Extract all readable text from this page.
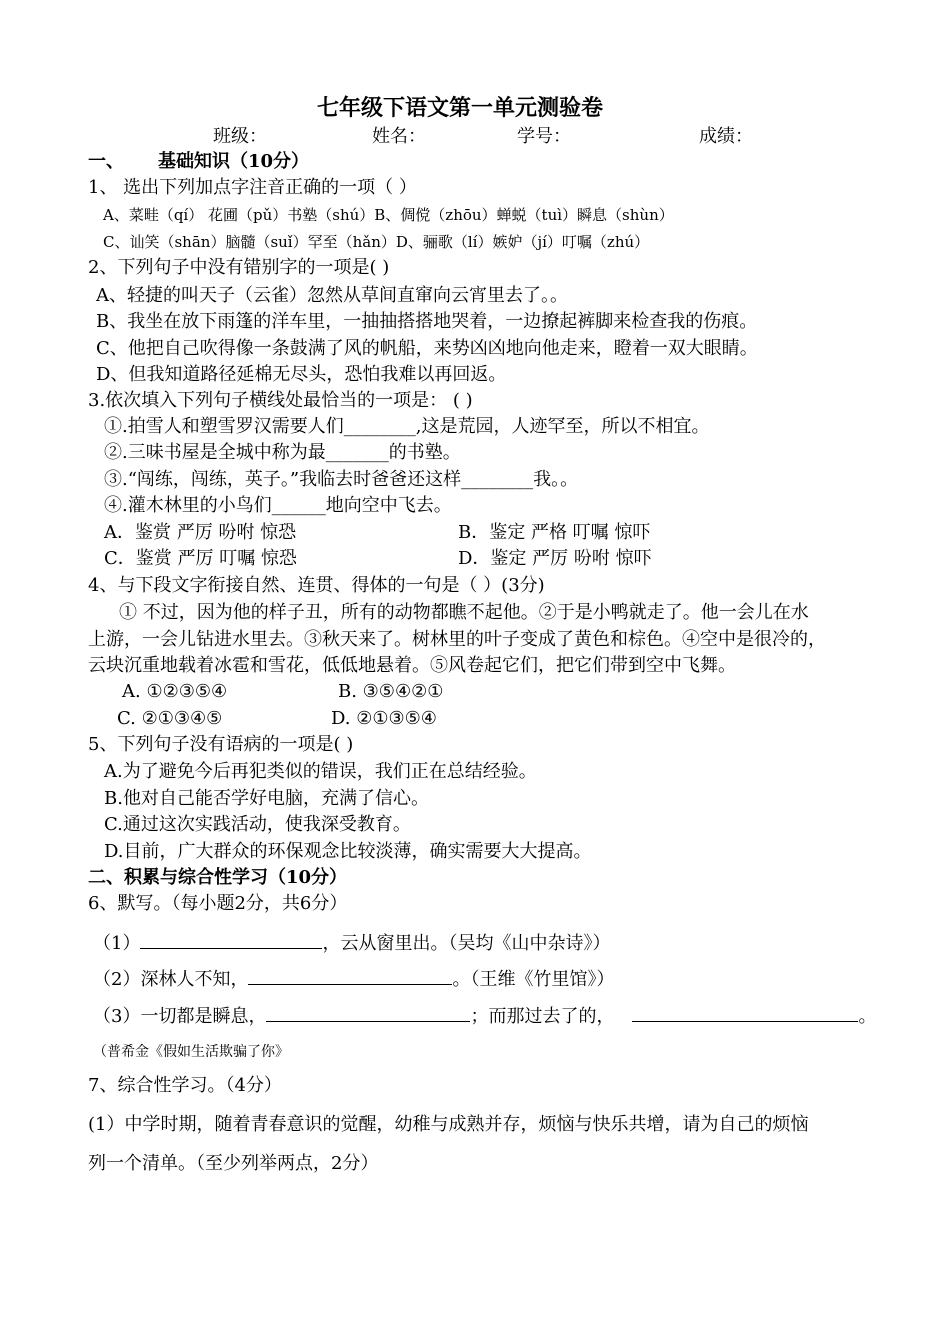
七年级下语文第一单元测验卷
班级：	姓名：	学号：	成绩：
一、 基础知识（10分）
1、 选出下列加点字注音正确的一项（ ）
A、菜畦（qí） 花圃（pǔ）书塾（shú）B、倜傥（zhōu）蝉蜕（tuì）瞬息（shùn）
C、讪笑（shān）脑髓（suǐ）罕至（hǎn）D、骊歌（lí）嫉妒（jí）叮嘱（zhú）
2、下列句子中没有错别字的一项是( )
A、轻捷的叫天子（云雀）忽然从草间直窜向云宵里去了。。
B、我坐在放下雨篷的洋车里，一抽抽搭搭地哭着，一边撩起裤脚来检查我的伤痕。
C、他把自己吹得像一条鼓满了风的帆船，来势凶凶地向他走来，瞪着一双大眼睛。
D、但我知道路径延棉无尽头，恐怕我难以再回返。
3.依次填入下列句子横线处最恰当的一项是： ( )
①.拍雪人和塑雪罗汉需要人们________,这是荒园，人迹罕至，所以不相宜。
②.三味书屋是全城中称为最_______的书塾。
③.“闯练，闯练，英子。”我临去时爸爸还这样________我。。
④.灌木林里的小鸟们______地向空中飞去。
A．鉴赏 严厉 吩咐 惊恐	B．鉴定 严格 叮嘱 惊吓
C．鉴赏 严厉 叮嘱 惊恐	D．鉴定 严厉 吩咐 惊吓
4、与下段文字衔接自然、连贯、得体的一句是（ ）(3分)
① 不过，因为他的样子丑，所有的动物都瞧不起他。②于是小鸭就走了。他一会儿在水
上游，一会儿钻进水里去。③秋天来了。树林里的叶子变成了黄色和棕色。④空中是很冷的，
云块沉重地载着冰雹和雪花，低低地悬着。⑤风卷起它们，把它们带到空中飞舞。
A. ①②③⑤④	B. ③⑤④②①
C. ②①③④⑤	D. ②①③⑤④
5、下列句子没有语病的一项是( )
A.为了避免今后再犯类似的错误，我们正在总结经验。
B.他对自己能否学好电脑，充满了信心。
C.通过这次实践活动，使我深受教育。
D.目前，广大群众的环保观念比较淡薄，确实需要大大提高。
二、积累与综合性学习（10分）
6、默写。（每小题2分，共6分）
（1）	，云从窗里出。（吴均《山中杂诗》）
（2）深林人不知，	。（王维《竹里馆》）
（3）一切都是瞬息，	；而那过去了的，	。
（普希金《假如生活欺骗了你》
7、综合性学习。（4分）
(1）中学时期，随着青春意识的觉醒，幼稚与成熟并存，烦恼与快乐共增，请为自己的烦恼
列一个清单。（至少列举两点，2分）
